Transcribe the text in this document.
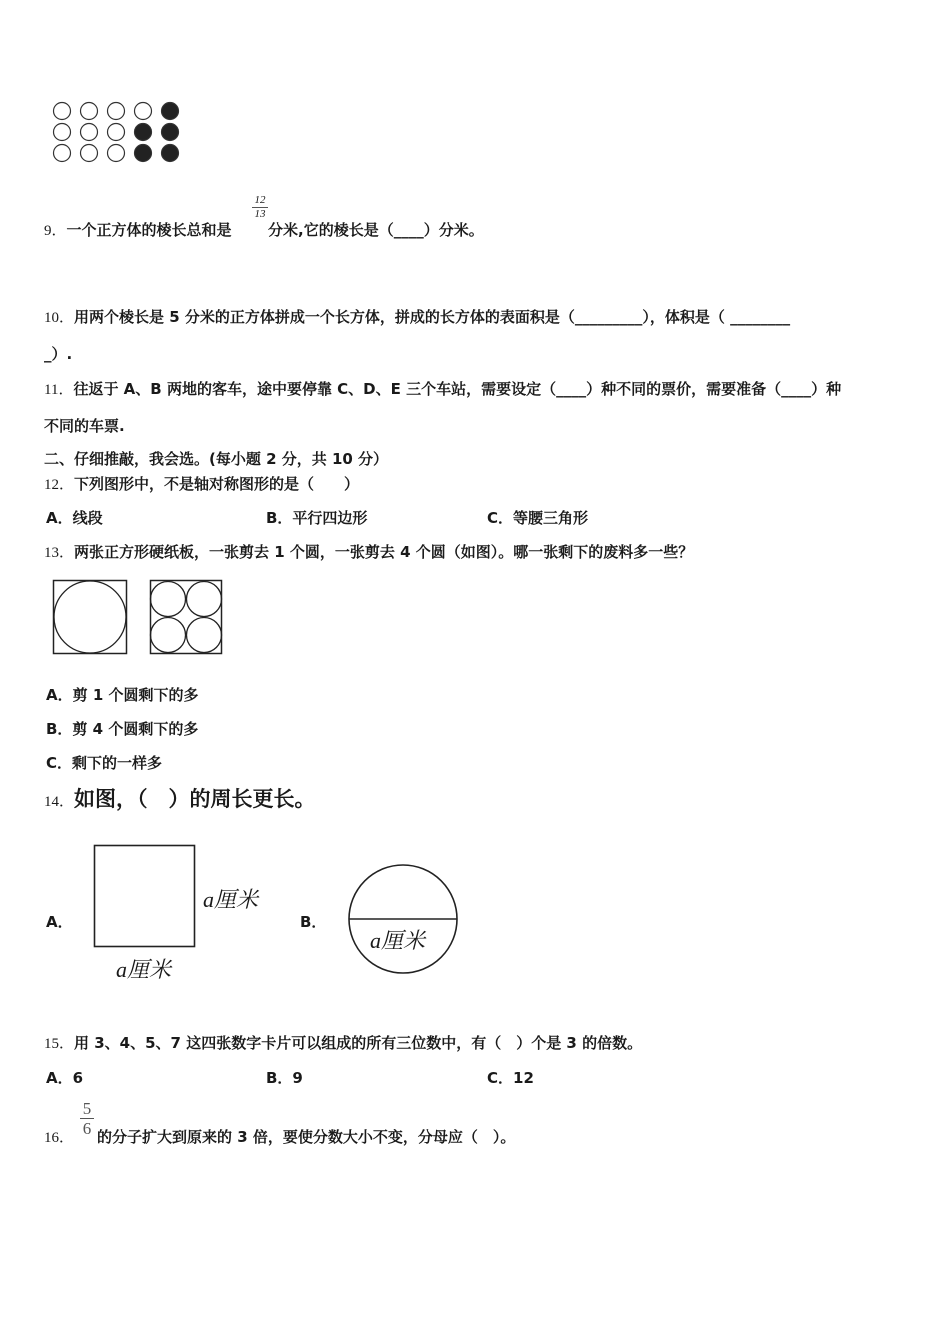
9．一个正方体的棱长总和是
12
13
分米,它的棱长是（____）分米。
10．用两个棱长是 5 分米的正方体拼成一个长方体，拼成的长方体的表面积是（_________），体积是（ ________
_）.
11．往返于 A、B 两地的客车，途中要停靠 C、D、E 三个车站，需要设定（____）种不同的票价，需要准备（____）种
不同的车票.
二、仔细推敲，我会选。(每小题 2 分，共 10 分）
12．下列图形中，不是轴对称图形的是（　　）
A．线段	B．平行四边形	C．等腰三角形
13．两张正方形硬纸板，一张剪去 1 个圆，一张剪去 4 个圆（如图）。哪一张剩下的废料多一些？
A．剪 1 个圆剩下的多
B．剪 4 个圆剩下的多
C．剩下的一样多
14．如图，（　）的周长更长。
A．
a厘米
a厘米
B．
a厘米
15．用 3、4、5、7 这四张数字卡片可以组成的所有三位数中，有（　）个是 3 的倍数。
A．6	B．9	C．12
16．
5
6 的分子扩大到原来的 3 倍，要使分数大小不变，分母应（　）。
